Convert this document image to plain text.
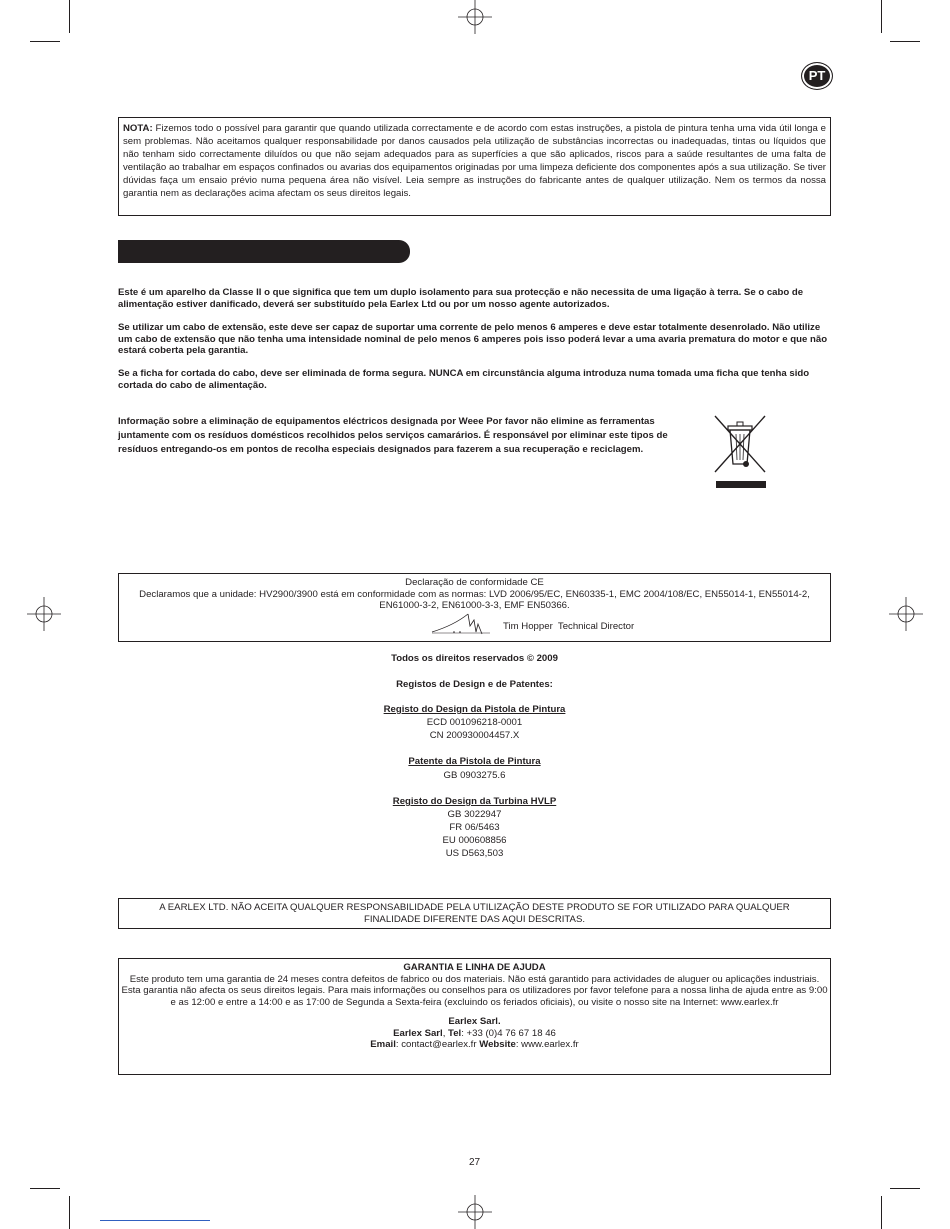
PT
NOTA: Fizemos todo o possível para garantir que quando utilizada correctamente e de acordo com estas instruções, a pistola de pintura tenha uma vida útil longa e sem problemas. Não aceitamos qualquer responsabilidade por danos causados pela utilização de substâncias incorrectas ou inadequadas, tintas ou líquidos que não tenham sido correctamente diluídos ou que não sejam adequados para as superfícies a que são aplicados, riscos para a saúde resultantes de uma falta de ventilação ao trabalhar em espaços confinados ou avarias dos equipamentos originadas por uma limpeza deficiente dos componentes após a sua utilização. Se tiver dúvidas faça um ensaio prévio numa pequena área não visível. Leia sempre as instruções do fabricante antes de qualquer utilização. Nem os termos da nossa garantia nem as declarações acima afectam os seus direitos legais.
Este é um aparelho da Classe II o que significa que tem um duplo isolamento para sua protecção e não necessita de uma ligação à terra. Se o cabo de alimentação estiver danificado, deverá ser substituído pela Earlex Ltd ou por um nosso agente autorizados.
Se utilizar um cabo de extensão, este deve ser capaz de suportar uma corrente de pelo menos 6 amperes e deve estar totalmente desenrolado. Não utilize um cabo de extensão que não tenha uma intensidade nominal de pelo menos 6 amperes pois isso poderá levar a uma avaria prematura do motor e que não estará coberta pela garantia.
Se a ficha for cortada do cabo, deve ser eliminada de forma segura. NUNCA em circunstância alguma introduza numa tomada uma ficha que tenha sido cortada do cabo de alimentação.
Informação sobre a eliminação de equipamentos eléctricos designada por Weee Por favor não elimine as ferramentas juntamente com os resíduos domésticos recolhidos pelos serviços camarários. É responsável por eliminar este tipos de resíduos entregando-os em pontos de recolha especiais designados para fazerem a sua recuperação e reciclagem.
Declaração de conformidade CE
Declaramos que a unidade: HV2900/3900 está em conformidade com as normas: LVD 2006/95/EC, EN60335-1, EMC 2004/108/EC, EN55014-1, EN55014-2, EN61000-3-2, EN61000-3-3, EMF EN50366.
Tim Hopper  Technical Director
Todos os direitos reservados © 2009
Registos de Design e de Patentes:
Registo do Design da Pistola de Pintura
ECD 001096218-0001
CN 200930004457.X
Patente da Pistola de Pintura
GB 0903275.6
Registo do Design da Turbina HVLP
GB 3022947
FR 06/5463
EU 000608856
US D563,503
A EARLEX LTD. NÃO ACEITA QUALQUER RESPONSABILIDADE PELA UTILIZAÇÃO DESTE PRODUTO SE FOR UTILIZADO PARA QUALQUER FINALIDADE DIFERENTE DAS AQUI DESCRITAS.
GARANTIA E LINHA DE AJUDA
Este produto tem uma garantia de 24 meses contra defeitos de fabrico ou dos materiais. Não está garantido para actividades de aluguer ou aplicações industriais. Esta garantia não afecta os seus direitos legais. Para mais informações ou conselhos para os utilizadores por favor telefone para a nossa linha de ajuda entre as 9:00 e as 12:00 e entre a 14:00 e as 17:00 de Segunda a Sexta-feira (excluindo os feriados oficiais), ou visite o nosso site na Internet: www.earlex.fr
Earlex Sarl.
Earlex Sarl, Tel: +33 (0)4 76 67 18 46
Email: contact@earlex.fr Website: www.earlex.fr
27
